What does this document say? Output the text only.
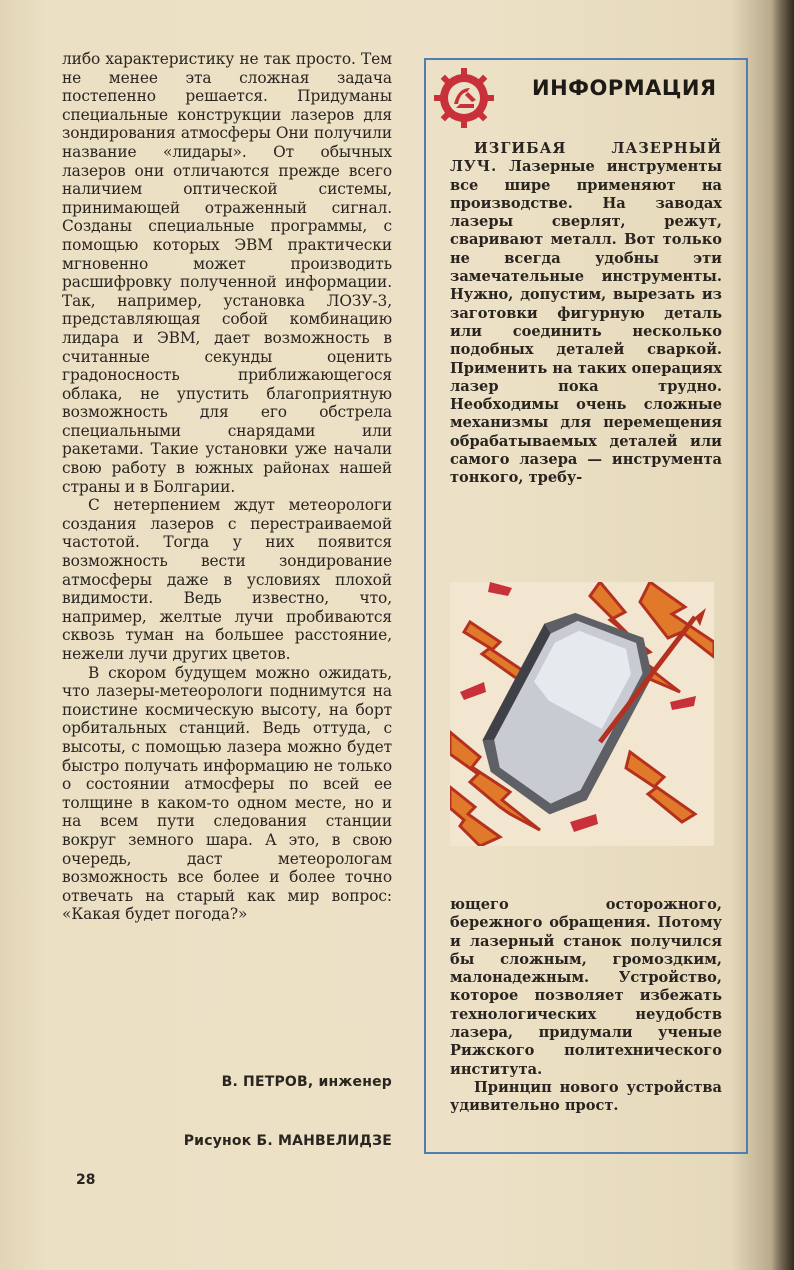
либо характеристику не так просто. Тем не менее эта сложная задача постепенно решается. Придуманы специальные конструкции лазеров для зондирования атмосферы Они получили название «лидары». От обычных лазеров они отличаются прежде всего наличием оптической системы, принимающей отраженный сигнал. Созданы специальные программы, с помощью которых ЭВМ практически мгновенно может производить расшифровку полученной информации. Так, например, установка ЛОЗУ-3, представляющая собой комбинацию лидара и ЭВМ, дает возможность в считанные секунды оценить градоносность приближающегося облака, не упустить благоприятную возможность для его обстрела специальными снарядами или ракетами. Такие установки уже начали свою работу в южных районах нашей страны и в Болгарии.

С нетерпением ждут метеорологи создания лазеров с перестраиваемой частотой. Тогда у них появится возможность вести зондирование атмосферы даже в условиях плохой видимости. Ведь известно, что, например, желтые лучи пробиваются сквозь туман на большее расстояние, нежели лучи других цветов.

В скором будущем можно ожидать, что лазеры-метеорологи поднимутся на поистине космическую высоту, на борт орбитальных станций. Ведь оттуда, с высоты, с помощью лазера можно будет быстро получать информацию не только о состоянии атмосферы по всей ее толщине в каком-то одном месте, но и на всем пути следования станции вокруг земного шара. А это, в свою очередь, даст метеорологам возможность все более и более точно отвечать на старый как мир вопрос: «Какая будет погода?»

В. ПЕТРОВ, инженер
Рисунок Б. МАНВЕЛИДЗЕ
28
ИНФОРМАЦИЯ

ИЗГИБАЯ ЛАЗЕРНЫЙ ЛУЧ. Лазерные инструменты все шире применяют на производстве. На заводах лазеры сверлят, режут, сваривают металл. Вот только не всегда удобны эти замечательные инструменты. Нужно, допустим, вырезать из заготовки фигурную деталь или соединить несколько подобных деталей сваркой. Применить на таких операциях лазер пока трудно. Необходимы очень сложные механизмы для перемещения обрабатываемых деталей или самого лазера — инструмента тонкого, требу-

ющего осторожного, бережного обращения. Потому и лазерный станок получился бы сложным, громоздким, малонадежным. Устройство, которое позволяет избежать технологических неудобств лазера, придумали ученые Рижского политехнического института.

Принцип нового устройства удивительно прост.
